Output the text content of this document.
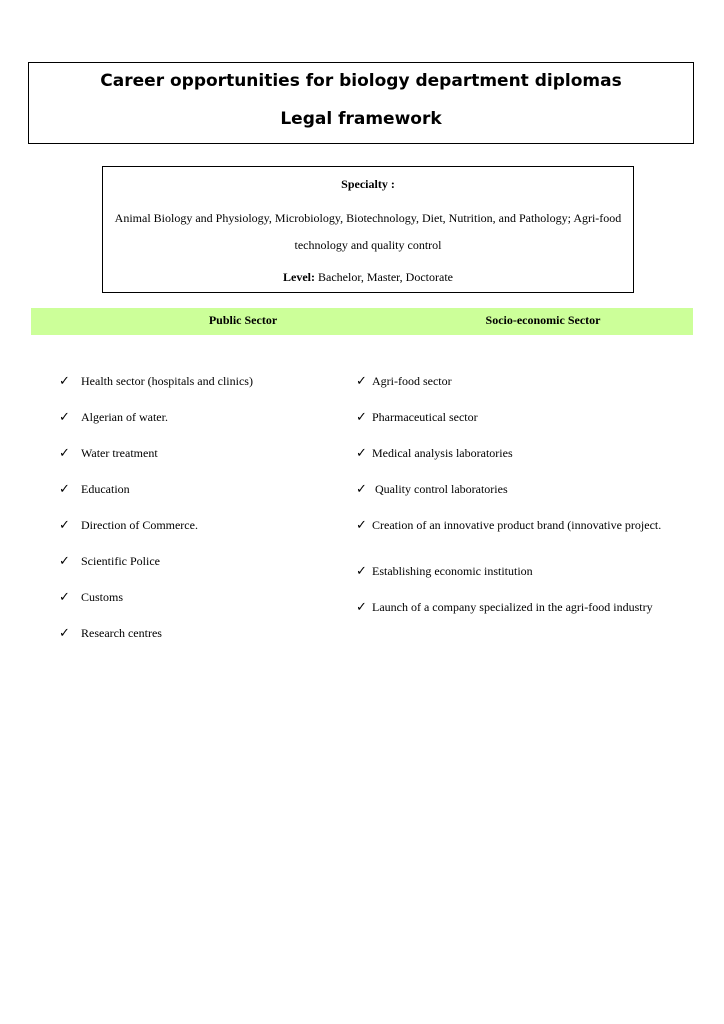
Career opportunities for biology department diplomas
Legal framework
Specialty :
Animal Biology and Physiology, Microbiology, Biotechnology, Diet, Nutrition, and Pathology; Agri-food technology and quality control
Level: Bachelor, Master, Doctorate
Public Sector	Socio-economic Sector
✓ Health sector (hospitals and clinics)
✓ Algerian of water.
✓ Water treatment
✓ Education
✓ Direction of Commerce.
✓ Scientific Police
✓ Customs
✓ Research centres
✓ Agri-food sector
✓ Pharmaceutical sector
✓ Medical analysis laboratories
✓ Quality control laboratories
✓ Creation of an innovative product brand (innovative project.
✓ Establishing economic institution
✓ Launch of a company specialized in the agri-food industry
